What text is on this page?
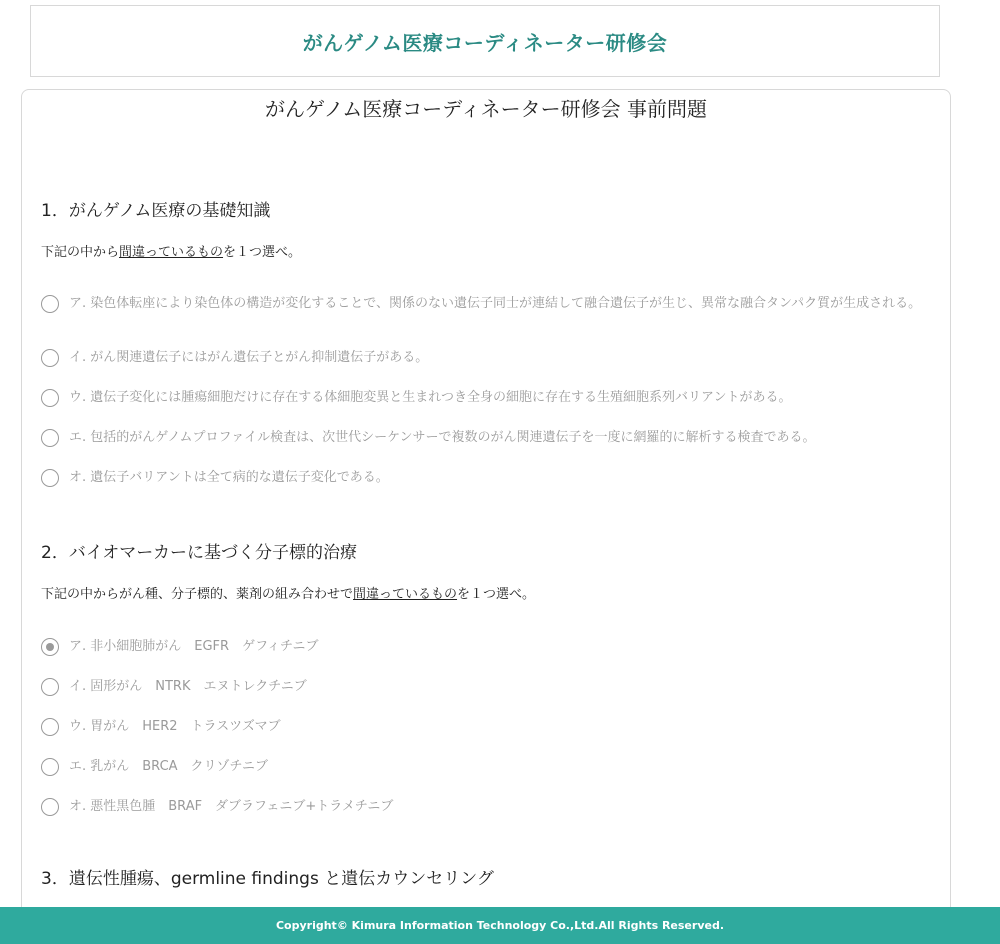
がんゲノム医療コーディネーター研修会
がんゲノム医療コーディネーター研修会 事前問題
1．がんゲノム医療の基礎知識
下記の中から間違っているものを１つ選べ。
ア. 染色体転座により染色体の構造が変化することで、関係のない遺伝子同士が連結して融合遺伝子が生じ、異常な融合タンパク質が生成される。
イ. がん関連遺伝子にはがん遺伝子とがん抑制遺伝子がある。
ウ. 遺伝子変化には腫瘍細胞だけに存在する体細胞変異と生まれつき全身の細胞に存在する生殖細胞系列バリアントがある。
エ. 包括的がんゲノムプロファイル検査は、次世代シーケンサーで複数のがん関連遺伝子を一度に網羅的に解析する検査である。
オ. 遺伝子バリアントは全て病的な遺伝子変化である。
2．バイオマーカーに基づく分子標的治療
下記の中からがん種、分子標的、薬剤の組み合わせで間違っているものを１つ選べ。
ア. 非小細胞肺がん　EGFR　ゲフィチニブ
イ. 固形がん　NTRK　エヌトレクチニブ
ウ. 胃がん　HER2　トラスツズマブ
エ. 乳がん　BRCA　クリゾチニブ
オ. 悪性黒色腫　BRAF　ダブラフェニブ+トラメチニブ
3．遺伝性腫瘍、germline findings と遺伝カウンセリング
Copyright© Kimura Information Technology Co.,Ltd.All Rights Reserved.
